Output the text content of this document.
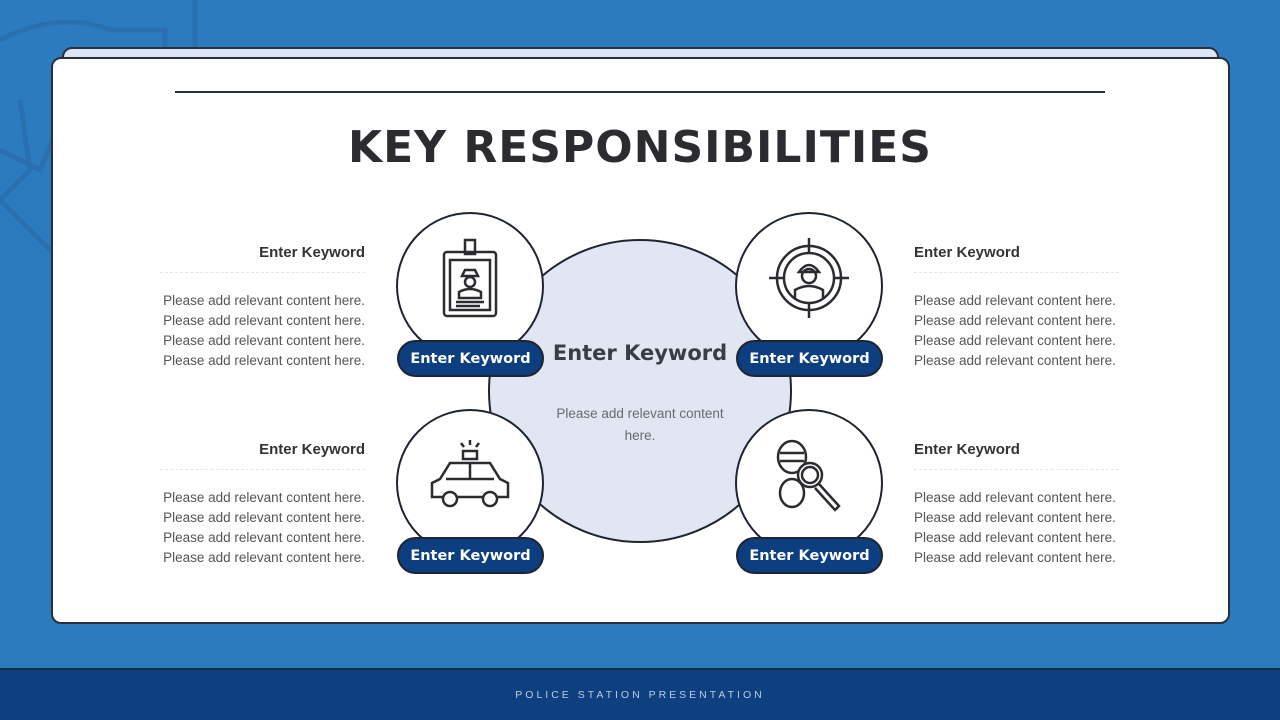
KEY RESPONSIBILITIES
Enter Keyword
Please add relevant content here.
Enter Keyword	Enter Keyword
Enter Keyword	Enter Keyword
Enter Keyword
Please add relevant content here.
Please add relevant content here.
Please add relevant content here.
Please add relevant content here.
Enter Keyword
Please add relevant content here.
Please add relevant content here.
Please add relevant content here.
Please add relevant content here.
Enter Keyword
Please add relevant content here.
Please add relevant content here.
Please add relevant content here.
Please add relevant content here.
Enter Keyword
Please add relevant content here.
Please add relevant content here.
Please add relevant content here.
Please add relevant content here.
POLICE STATION PRESENTATION
